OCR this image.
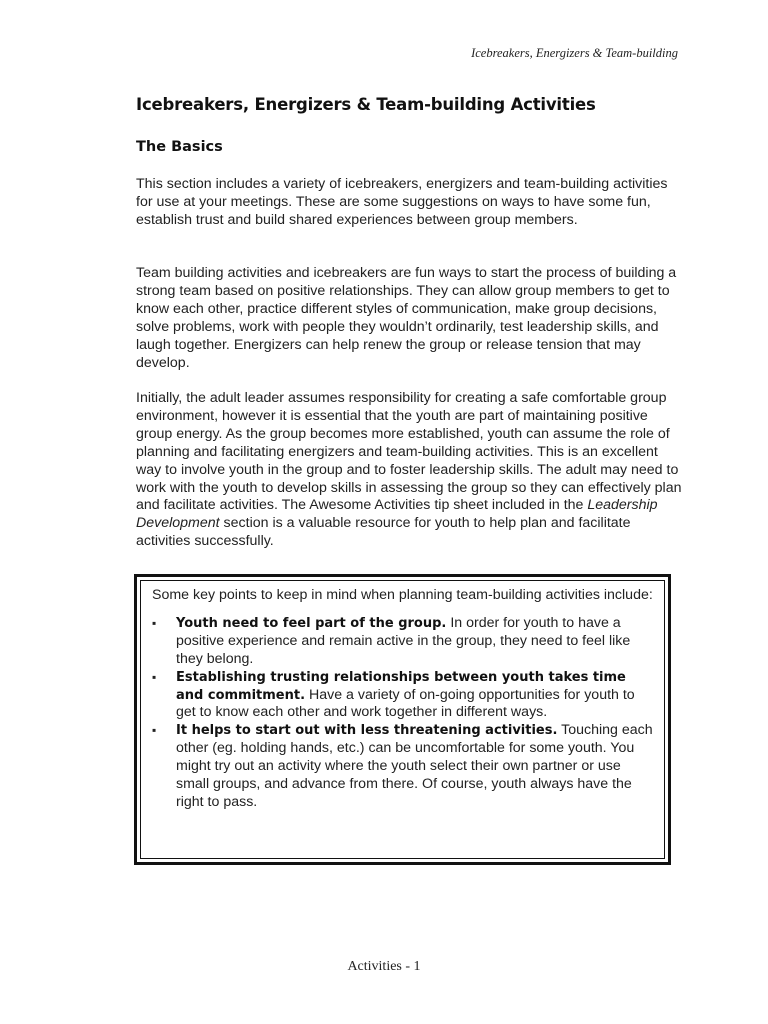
Icebreakers, Energizers & Team-building
Icebreakers, Energizers & Team-building Activities
The Basics

This section includes a variety of icebreakers, energizers and team-building activities for use at your meetings. These are some suggestions on ways to have some fun, establish trust and build shared experiences between group members.

Team building activities and icebreakers are fun ways to start the process of building a strong team based on positive relationships. They can allow group members to get to know each other, practice different styles of communication, make group decisions, solve problems, work with people they wouldn’t ordinarily, test leadership skills, and laugh together. Energizers can help renew the group or release tension that may develop.

Initially, the adult leader assumes responsibility for creating a safe comfortable group environment, however it is essential that the youth are part of maintaining positive group energy. As the group becomes more established, youth can assume the role of planning and facilitating energizers and team-building activities. This is an excellent way to involve youth in the group and to foster leadership skills. The adult may need to work with the youth to develop skills in assessing the group so they can effectively plan and facilitate activities. The Awesome Activities tip sheet included in the Leadership Development section is a valuable resource for youth to help plan and facilitate activities successfully.

Some key points to keep in mind when planning team-building activities include:

▪ Youth need to feel part of the group. In order for youth to have a positive experience and remain active in the group, they need to feel like they belong.
▪ Establishing trusting relationships between youth takes time and commitment. Have a variety of on-going opportunities for youth to get to know each other and work together in different ways.
▪ It helps to start out with less threatening activities. Touching each other (eg. holding hands, etc.) can be uncomfortable for some youth. You might try out an activity where the youth select their own partner or use small groups, and advance from there. Of course, youth always have the right to pass.
Activities - 1
